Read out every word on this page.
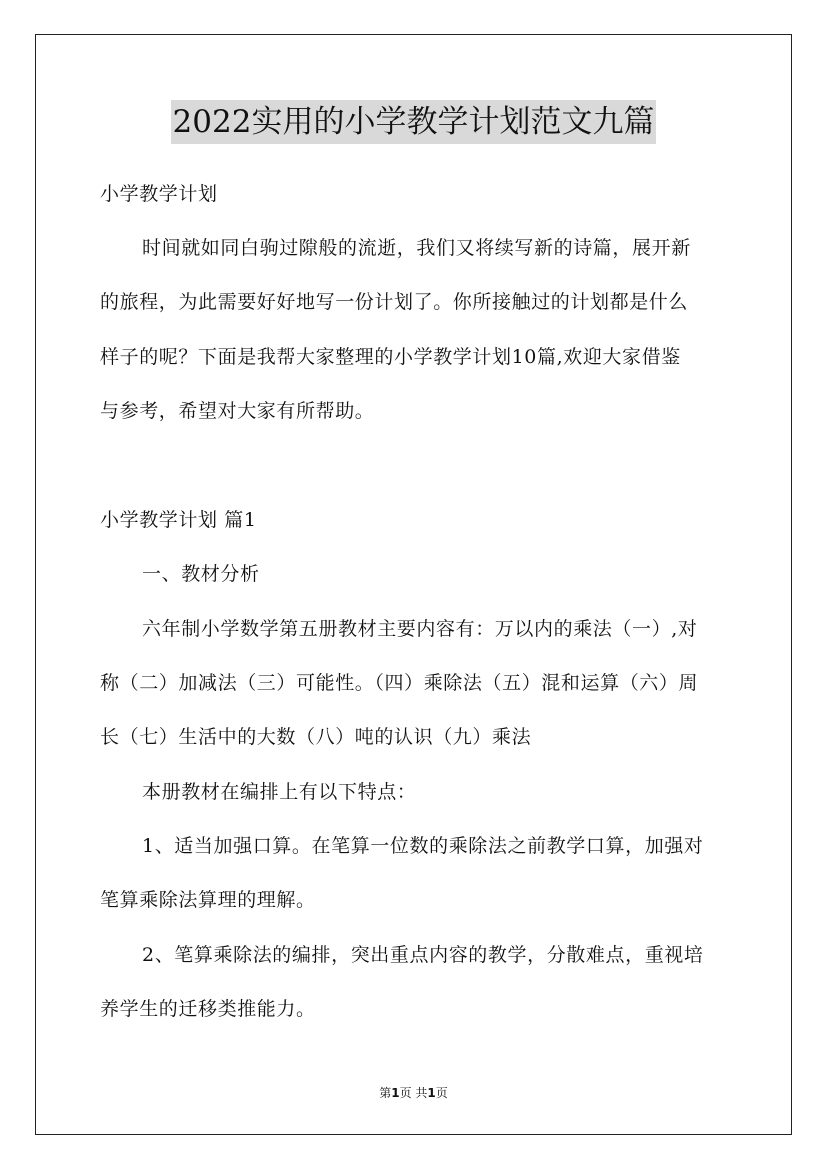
2022实用的小学教学计划范文九篇
小学教学计划
时间就如同白驹过隙般的流逝，我们又将续写新的诗篇，展开新
的旅程，为此需要好好地写一份计划了。你所接触过的计划都是什么
样子的呢？下面是我帮大家整理的小学教学计划10篇,欢迎大家借鉴
与参考，希望对大家有所帮助。
小学教学计划 篇1
一、教材分析
六年制小学数学第五册教材主要内容有：万以内的乘法（一）,对
称（二）加减法（三）可能性。（四）乘除法（五）混和运算（六）周
长（七）生活中的大数（八）吨的认识（九）乘法
本册教材在编排上有以下特点：
1、适当加强口算。在笔算一位数的乘除法之前教学口算，加强对
笔算乘除法算理的理解。
2、笔算乘除法的编排，突出重点内容的教学，分散难点，重视培
养学生的迁移类推能力。
第1页 共1页
